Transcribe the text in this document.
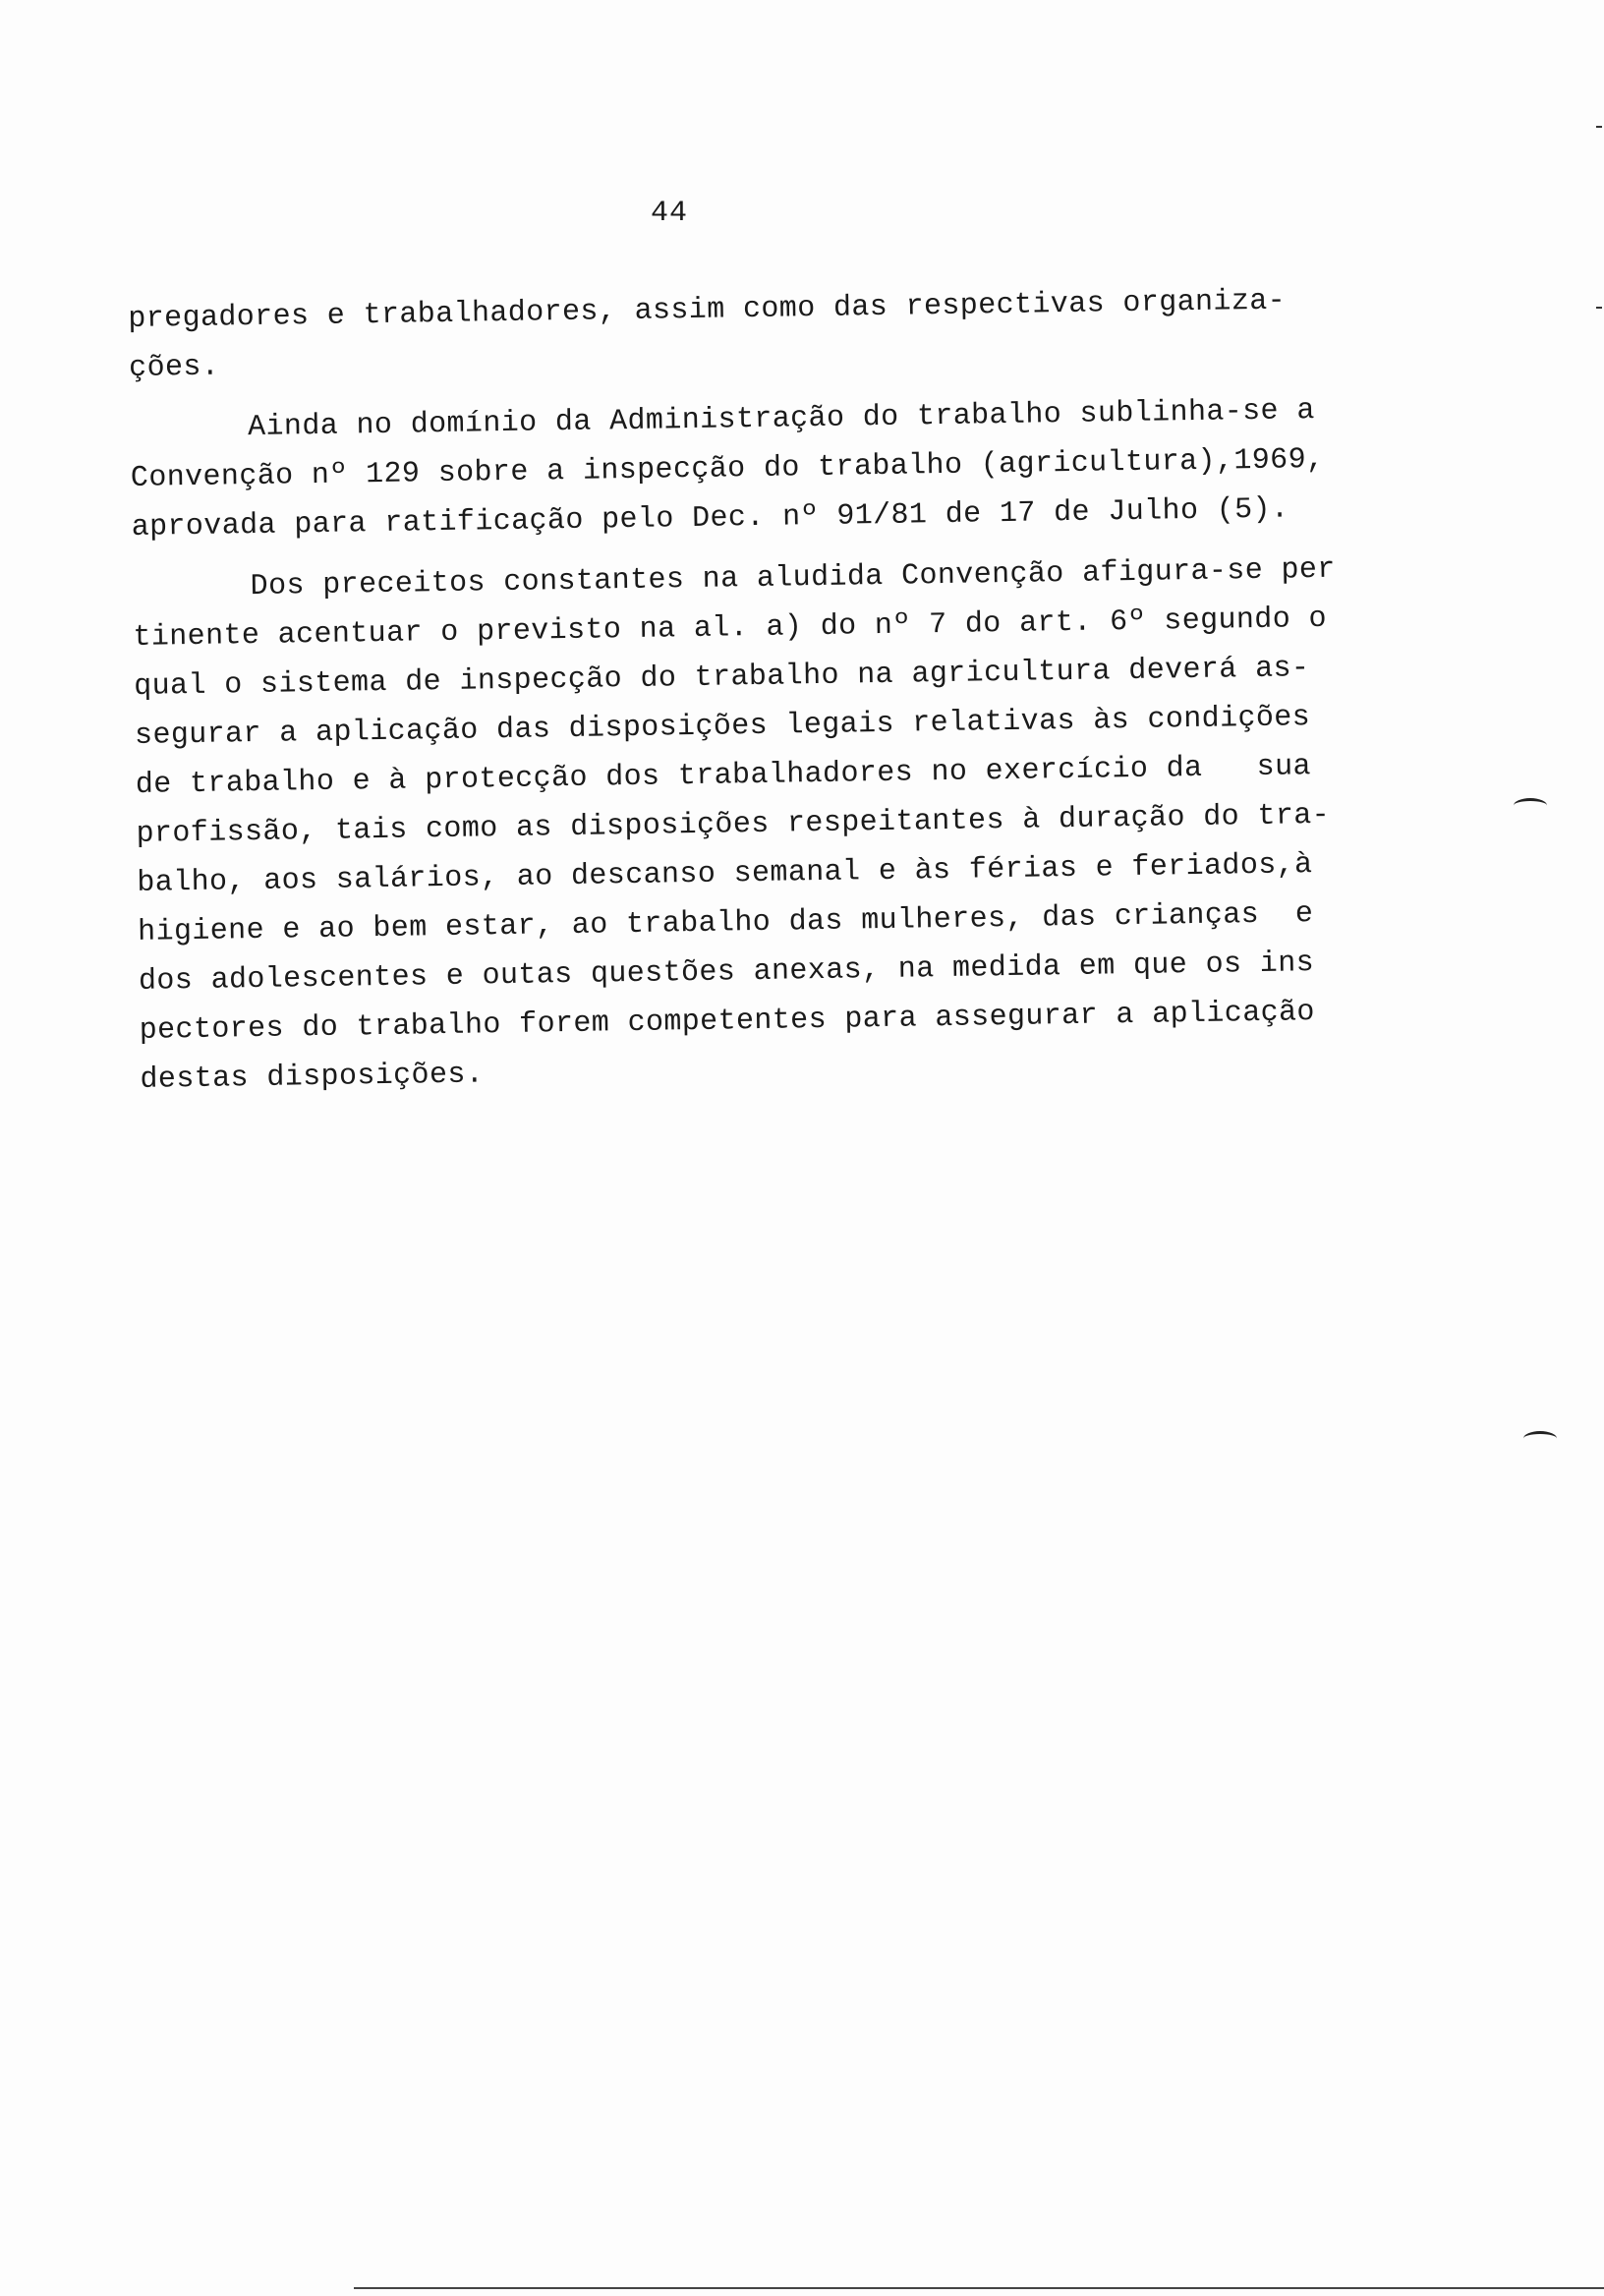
44
pregadores e trabalhadores, assim como das respectivas organiza-
ções.
Ainda no domínio da Administração do trabalho sublinha-se a
Convenção nº 129 sobre a inspecção do trabalho (agricultura),1969,
aprovada para ratificação pelo Dec. nº 91/81 de 17 de Julho (5).
Dos preceitos constantes na aludida Convenção afigura-se per
tinente acentuar o previsto na al. a) do nº 7 do art. 6º segundo o
qual o sistema de inspecção do trabalho na agricultura deverá as-
segurar a aplicação das disposições legais relativas às condições
de trabalho e à protecção dos trabalhadores no exercício da   sua
profissão, tais como as disposições respeitantes à duração do tra-
balho, aos salários, ao descanso semanal e às férias e feriados,à
higiene e ao bem estar, ao trabalho das mulheres, das crianças  e
dos adolescentes e outas questões anexas, na medida em que os ins
pectores do trabalho forem competentes para assegurar a aplicação
destas disposições.
